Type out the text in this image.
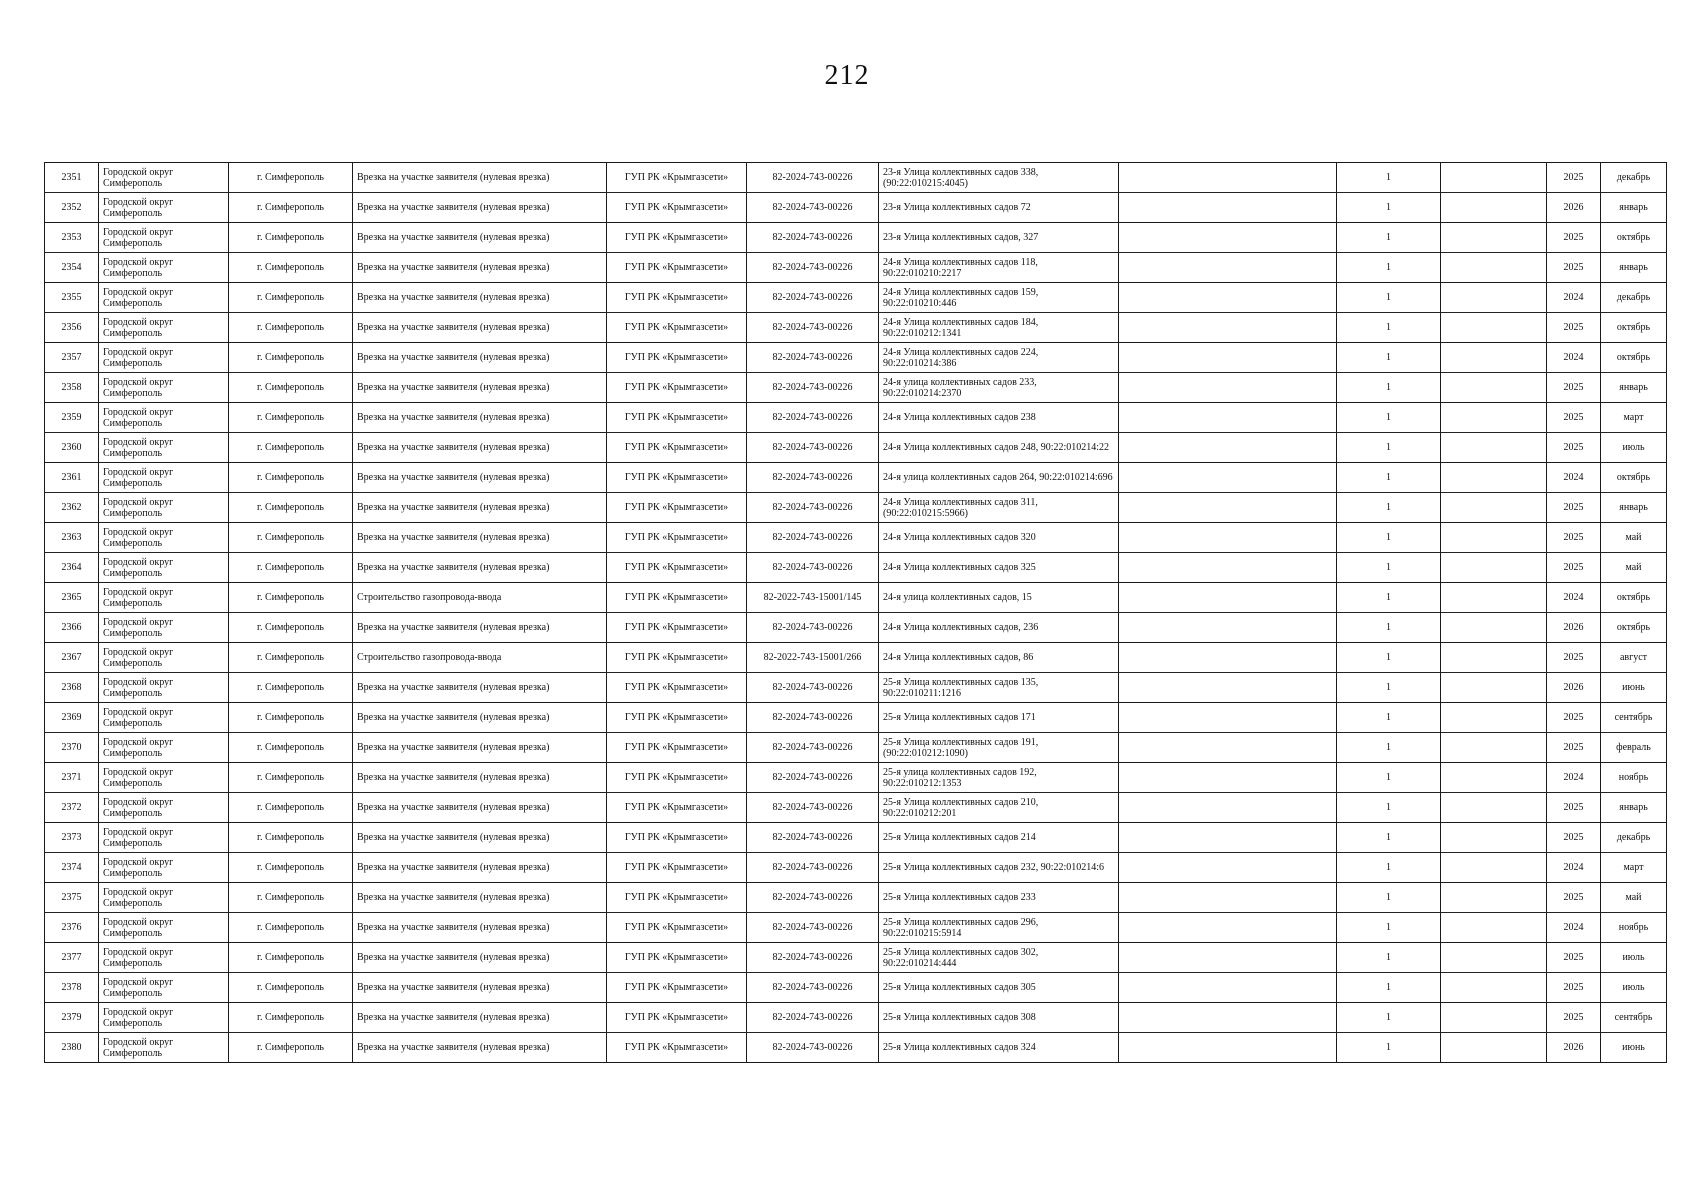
212
2351	Городской округ Симферополь	г. Симферополь	Врезка на участке заявителя (нулевая врезка)	ГУП РК «Крымгазсети»	82-2024-743-00226	23-я Улица коллективных садов 338, (90:22:010215:4045)		1		2025	декабрь
2352	Городской округ Симферополь	г. Симферополь	Врезка на участке заявителя (нулевая врезка)	ГУП РК «Крымгазсети»	82-2024-743-00226	23-я Улица коллективных садов 72		1		2026	январь
2353	Городской округ Симферополь	г. Симферополь	Врезка на участке заявителя (нулевая врезка)	ГУП РК «Крымгазсети»	82-2024-743-00226	23-я Улица коллективных садов, 327		1		2025	октябрь
2354	Городской округ Симферополь	г. Симферополь	Врезка на участке заявителя (нулевая врезка)	ГУП РК «Крымгазсети»	82-2024-743-00226	24-я Улица коллективных садов 118, 90:22:010210:2217		1		2025	январь
2355	Городской округ Симферополь	г. Симферополь	Врезка на участке заявителя (нулевая врезка)	ГУП РК «Крымгазсети»	82-2024-743-00226	24-я Улица коллективных садов 159, 90:22:010210:446		1		2024	декабрь
2356	Городской округ Симферополь	г. Симферополь	Врезка на участке заявителя (нулевая врезка)	ГУП РК «Крымгазсети»	82-2024-743-00226	24-я Улица коллективных садов 184, 90:22:010212:1341		1		2025	октябрь
2357	Городской округ Симферополь	г. Симферополь	Врезка на участке заявителя (нулевая врезка)	ГУП РК «Крымгазсети»	82-2024-743-00226	24-я Улица коллективных садов 224, 90:22:010214:386		1		2024	октябрь
2358	Городской округ Симферополь	г. Симферополь	Врезка на участке заявителя (нулевая врезка)	ГУП РК «Крымгазсети»	82-2024-743-00226	24-я улица коллективных садов 233, 90:22:010214:2370		1		2025	январь
2359	Городской округ Симферополь	г. Симферополь	Врезка на участке заявителя (нулевая врезка)	ГУП РК «Крымгазсети»	82-2024-743-00226	24-я Улица коллективных садов 238		1		2025	март
2360	Городской округ Симферополь	г. Симферополь	Врезка на участке заявителя (нулевая врезка)	ГУП РК «Крымгазсети»	82-2024-743-00226	24-я Улица коллективных садов 248, 90:22:010214:22		1		2025	июль
2361	Городской округ Симферополь	г. Симферополь	Врезка на участке заявителя (нулевая врезка)	ГУП РК «Крымгазсети»	82-2024-743-00226	24-я улица коллективных садов 264, 90:22:010214:696		1		2024	октябрь
2362	Городской округ Симферополь	г. Симферополь	Врезка на участке заявителя (нулевая врезка)	ГУП РК «Крымгазсети»	82-2024-743-00226	24-я Улица коллективных садов 311, (90:22:010215:5966)		1		2025	январь
2363	Городской округ Симферополь	г. Симферополь	Врезка на участке заявителя (нулевая врезка)	ГУП РК «Крымгазсети»	82-2024-743-00226	24-я Улица коллективных садов 320		1		2025	май
2364	Городской округ Симферополь	г. Симферополь	Врезка на участке заявителя (нулевая врезка)	ГУП РК «Крымгазсети»	82-2024-743-00226	24-я Улица коллективных садов 325		1		2025	май
2365	Городской округ Симферополь	г. Симферополь	Строительство газопровода-ввода	ГУП РК «Крымгазсети»	82-2022-743-15001/145	24-я улица коллективных садов, 15		1		2024	октябрь
2366	Городской округ Симферополь	г. Симферополь	Врезка на участке заявителя (нулевая врезка)	ГУП РК «Крымгазсети»	82-2024-743-00226	24-я Улица коллективных садов, 236		1		2026	октябрь
2367	Городской округ Симферополь	г. Симферополь	Строительство газопровода-ввода	ГУП РК «Крымгазсети»	82-2022-743-15001/266	24-я Улица коллективных садов, 86		1		2025	август
2368	Городской округ Симферополь	г. Симферополь	Врезка на участке заявителя (нулевая врезка)	ГУП РК «Крымгазсети»	82-2024-743-00226	25-я Улица коллективных садов 135, 90:22:010211:1216		1		2026	июнь
2369	Городской округ Симферополь	г. Симферополь	Врезка на участке заявителя (нулевая врезка)	ГУП РК «Крымгазсети»	82-2024-743-00226	25-я Улица коллективных садов 171		1		2025	сентябрь
2370	Городской округ Симферополь	г. Симферополь	Врезка на участке заявителя (нулевая врезка)	ГУП РК «Крымгазсети»	82-2024-743-00226	25-я Улица коллективных садов 191, (90:22:010212:1090)		1		2025	февраль
2371	Городской округ Симферополь	г. Симферополь	Врезка на участке заявителя (нулевая врезка)	ГУП РК «Крымгазсети»	82-2024-743-00226	25-я улица коллективных садов 192, 90:22:010212:1353		1		2024	ноябрь
2372	Городской округ Симферополь	г. Симферополь	Врезка на участке заявителя (нулевая врезка)	ГУП РК «Крымгазсети»	82-2024-743-00226	25-я Улица коллективных садов 210, 90:22:010212:201		1		2025	январь
2373	Городской округ Симферополь	г. Симферополь	Врезка на участке заявителя (нулевая врезка)	ГУП РК «Крымгазсети»	82-2024-743-00226	25-я Улица коллективных садов 214		1		2025	декабрь
2374	Городской округ Симферополь	г. Симферополь	Врезка на участке заявителя (нулевая врезка)	ГУП РК «Крымгазсети»	82-2024-743-00226	25-я Улица коллективных садов 232, 90:22:010214:6		1		2024	март
2375	Городской округ Симферополь	г. Симферополь	Врезка на участке заявителя (нулевая врезка)	ГУП РК «Крымгазсети»	82-2024-743-00226	25-я Улица коллективных садов 233		1		2025	май
2376	Городской округ Симферополь	г. Симферополь	Врезка на участке заявителя (нулевая врезка)	ГУП РК «Крымгазсети»	82-2024-743-00226	25-я Улица коллективных садов 296, 90:22:010215:5914		1		2024	ноябрь
2377	Городской округ Симферополь	г. Симферополь	Врезка на участке заявителя (нулевая врезка)	ГУП РК «Крымгазсети»	82-2024-743-00226	25-я Улица коллективных садов 302, 90:22:010214:444		1		2025	июль
2378	Городской округ Симферополь	г. Симферополь	Врезка на участке заявителя (нулевая врезка)	ГУП РК «Крымгазсети»	82-2024-743-00226	25-я Улица коллективных садов 305		1		2025	июль
2379	Городской округ Симферополь	г. Симферополь	Врезка на участке заявителя (нулевая врезка)	ГУП РК «Крымгазсети»	82-2024-743-00226	25-я Улица коллективных садов 308		1		2025	сентябрь
2380	Городской округ Симферополь	г. Симферополь	Врезка на участке заявителя (нулевая врезка)	ГУП РК «Крымгазсети»	82-2024-743-00226	25-я Улица коллективных садов 324		1		2026	июнь
